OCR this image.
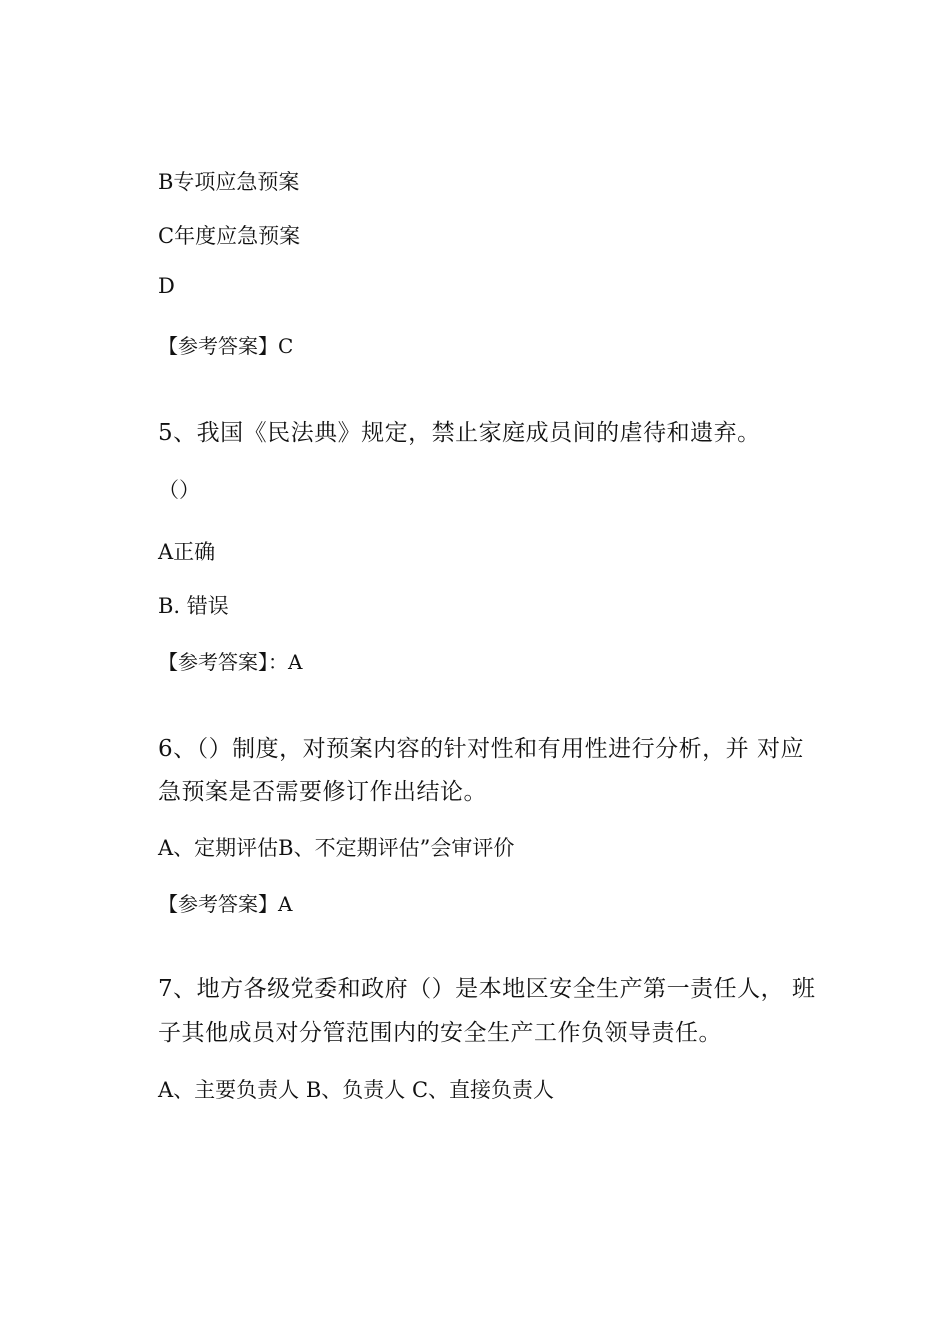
B专项应急预案
C年度应急预案
D
【参考答案】C
5、我国《民法典》规定，禁止家庭成员间的虐待和遗弃。
（）
A正确
B. 错误
【参考答案】：A
6、（）制度，对预案内容的针对性和有用性进行分析，并 对应
急预案是否需要修订作出结论。
A、定期评估B、不定期评估”会审评价
【参考答案】A
7、地方各级党委和政府（）是本地区安全生产第一责任人， 班
子其他成员对分管范围内的安全生产工作负领导责任。
A、主要负责人 B、负责人 C、直接负责人
